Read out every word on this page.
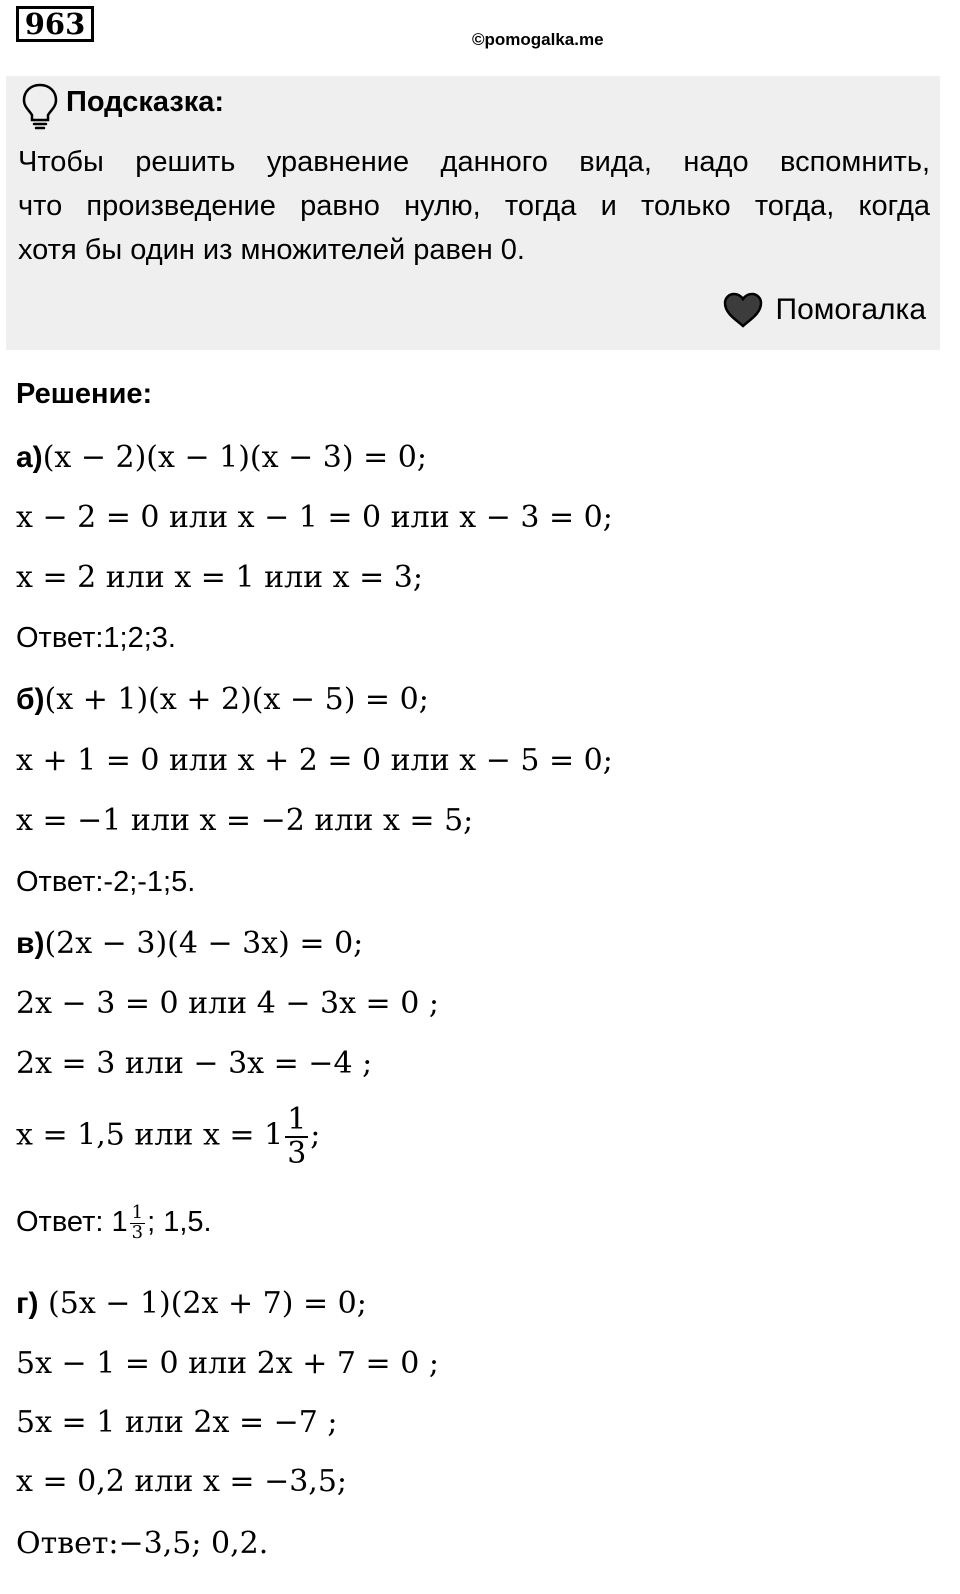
963	©pomogalka.me
Подсказка:
Чтобы решить уравнение данного вида, надо вспомнить,
что произведение равно нулю, тогда и только тогда, когда
хотя бы один из множителей равен 0.
Помогалка
Решение:
а)(x − 2)(x − 1)(x − 3) = 0;
x − 2 = 0 или x − 1 = 0 или x − 3 = 0;
x = 2 или x = 1 или x = 3;
Ответ:1;2;3.
б)(x + 1)(x + 2)(x − 5) = 0;
x + 1 = 0 или x + 2 = 0 или x − 5 = 0;
x = −1 или x = −2 или x = 5;
Ответ:-2;-1;5.
в)(2x − 3)(4 − 3x) = 0;
2x − 3 = 0 или 4 − 3x = 0 ;
2x = 3 или − 3x = −4 ;
x = 1,5 или $x = 1 \frac{1}{3}$ ;
Ответ: $1 \frac{1}{3}$ ; 1,5.
г) (5x − 1)(2x + 7) = 0;
5x − 1 = 0 или 2x + 7 = 0 ;
5x = 1 или 2x = −7 ;
x = 0,2 или x = −3,5;
Ответ:−3,5; 0,2.
